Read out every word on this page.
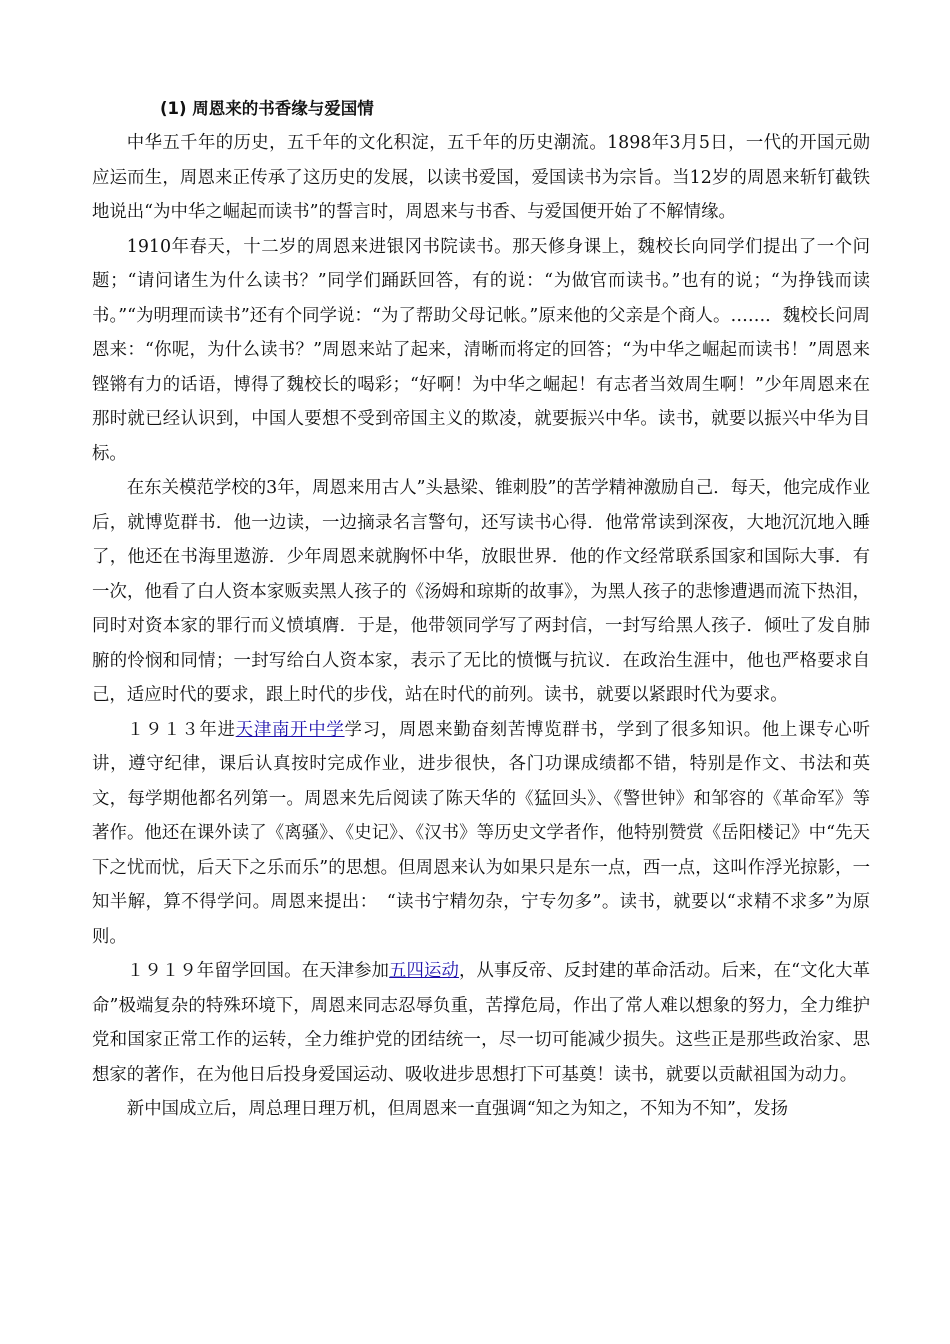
(1) 周恩来的书香缘与爱国情

中华五千年的历史，五千年的文化积淀，五千年的历史潮流。1898年3月5日，一代的开国元勋应运而生，周恩来正传承了这历史的发展，以读书爱国，爱国读书为宗旨。当12岁的周恩来斩钉截铁地说出“为中华之崛起而读书”的誓言时，周恩来与书香、与爱国便开始了不解情缘。

1910年春天，十二岁的周恩来进银冈书院读书。那天修身课上，魏校长向同学们提出了一个问题；“请问诸生为什么读书？”同学们踊跃回答，有的说：“为做官而读书。”也有的说；“为挣钱而读书。”“为明理而读书”还有个同学说：“为了帮助父母记帐。”原来他的父亲是个商人。……．魏校长问周恩来：“你呢，为什么读书？”周恩来站了起来，清晰而将定的回答；“为中华之崛起而读书！”周恩来铿锵有力的话语，博得了魏校长的喝彩；“好啊！为中华之崛起！有志者当效周生啊！”少年周恩来在那时就已经认识到，中国人要想不受到帝国主义的欺凌，就要振兴中华。读书，就要以振兴中华为目标。

在东关模范学校的3年，周恩来用古人”头悬梁、锥刺股”的苦学精神激励自己．每天，他完成作业后，就博览群书．他一边读，一边摘录名言警句，还写读书心得．他常常读到深夜，大地沉沉地入睡了，他还在书海里遨游．少年周恩来就胸怀中华，放眼世界．他的作文经常联系国家和国际大事．有一次，他看了白人资本家贩卖黑人孩子的《汤姆和琼斯的故事》，为黑人孩子的悲惨遭遇而流下热泪，同时对资本家的罪行而义愤填膺．于是，他带领同学写了两封信，一封写给黑人孩子．倾吐了发自肺腑的怜悯和同情；一封写给白人资本家，表示了无比的愤慨与抗议．在政治生涯中，他也严格要求自己，适应时代的要求，跟上时代的步伐，站在时代的前列。读书，就要以紧跟时代为要求。

１９１３年进天津南开中学学习，周恩来勤奋刻苦博览群书，学到了很多知识。他上课专心听讲，遵守纪律，课后认真按时完成作业，进步很快，各门功课成绩都不错，特别是作文、书法和英文，每学期他都名列第一。周恩来先后阅读了陈天华的《猛回头》、《警世钟》和邹容的《革命军》等著作。他还在课外读了《离骚》、《史记》、《汉书》等历史文学者作，他特别赞赏《岳阳楼记》中“先天下之忧而忧，后天下之乐而乐”的思想。但周恩来认为如果只是东一点，西一点，这叫作浮光掠影，一知半解，算不得学问。周恩来提出：　“读书宁精勿杂，宁专勿多”。读书，就要以“求精不求多”为原则。

１９１９年留学回国。在天津参加五四运动，从事反帝、反封建的革命活动。后来，在“文化大革命”极端复杂的特殊环境下，周恩来同志忍辱负重，苦撑危局，作出了常人难以想象的努力，全力维护党和国家正常工作的运转，全力维护党的团结统一，尽一切可能减少损失。这些正是那些政治家、思想家的著作，在为他日后投身爱国运动、吸收进步思想打下可基奠！读书，就要以贡献祖国为动力。

新中国成立后，周总理日理万机，但周恩来一直强调“知之为知之，不知为不知”，发扬
